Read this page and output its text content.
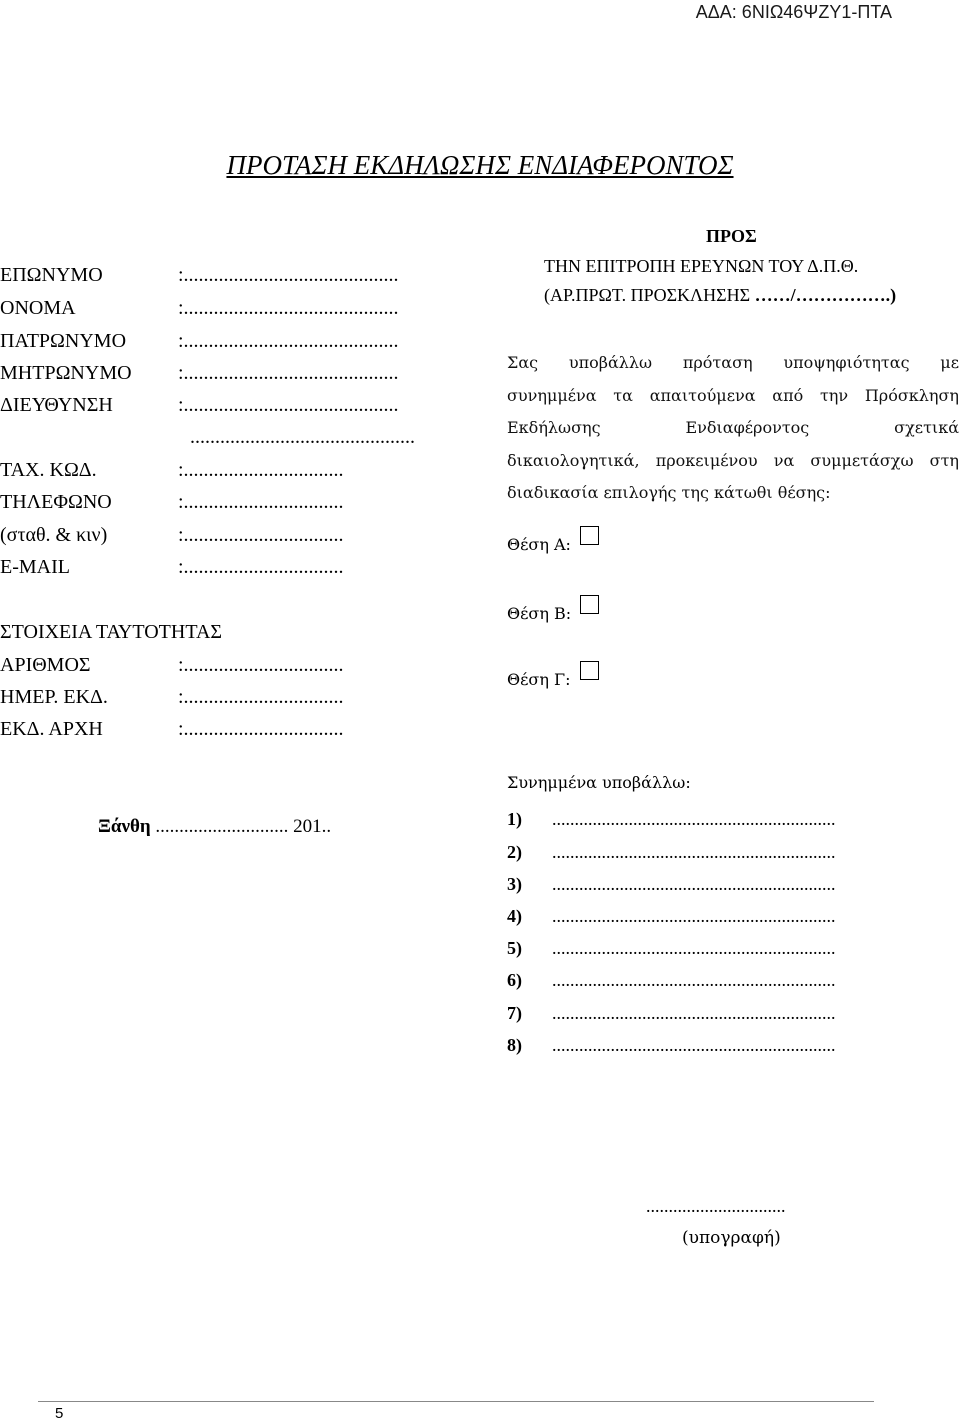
ΑΔΑ: 6ΝΙΩ46ΨΖΥ1-ΠΤΑ
ΠΡΟΤΑΣΗ ΕΚΔΗΛΩΣΗΣ ΕΝΔΙΑΦΕΡΟΝΤΟΣ
ΕΠΩΝΥΜΟ	:...........................................
ΟΝΟΜΑ	:...........................................
ΠΑΤΡΩΝΥΜΟ	:...........................................
ΜΗΤΡΩΝΥΜΟ :...........................................
ΔΙΕΥΘΥΝΣΗ	:...........................................
.............................................
ΤΑΧ. ΚΩΔ.	:................................
ΤΗΛΕΦΩΝΟ	:................................
(σταθ. & κιν)	:................................
E-MAIL	:................................
ΣΤΟΙΧΕΙΑ ΤΑΥΤΟΤΗΤΑΣ
ΑΡΙΘΜΟΣ	:................................
ΗΜΕΡ. ΕΚΔ.	:................................
ΕΚΔ. ΑΡΧΗ	:................................
ΠΡΟΣ
ΤΗΝ ΕΠΙΤΡΟΠΗ ΕΡΕΥΝΩΝ ΤΟΥ Δ.Π.Θ.
(ΑΡ.ΠΡΩΤ. ΠΡΟΣΚΛΗΣΗΣ ……/…………….)
Σας υποβάλλω πρόταση υποψηφιότητας με
συνημμένα τα απαιτούμενα από την Πρόσκληση
Εκδήλωσης Ενδιαφέροντος σχετικά
δικαιολογητικά, προκειμένου να συμμετάσχω στη
διαδικασία επιλογής της κάτωθι θέσης:
Θέση Α:
Θέση Β:
Θέση Γ:
Συνημμένα υποβάλλω:
1) ...............................................................
2) ...............................................................
3) ...............................................................
4) ...............................................................
5) ...............................................................
6) ...............................................................
7) ...............................................................
8) ...............................................................
Ξάνθη ............................ 201..
...............................
(υπογραφή)
5
